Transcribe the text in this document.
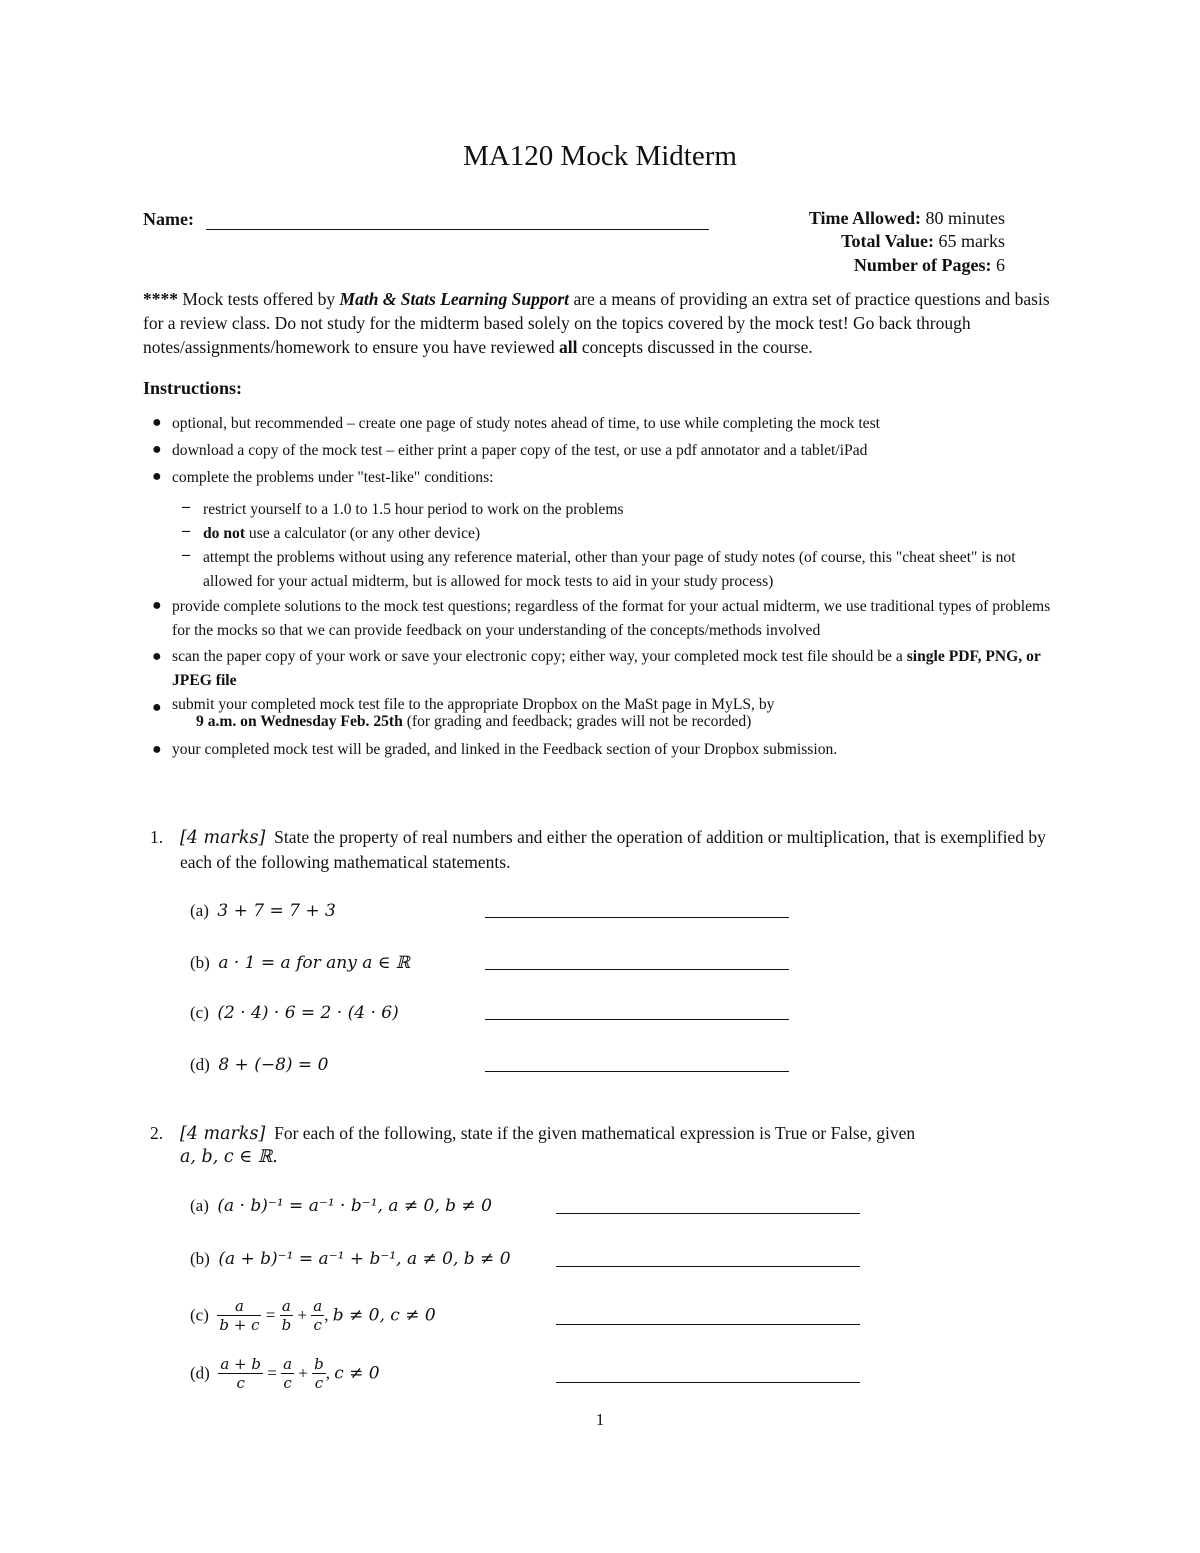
MA120 Mock Midterm
Name:	Time Allowed: 80 minutes
Total Value: 65 marks
Number of Pages: 6
**** Mock tests offered by Math & Stats Learning Support are a means of providing an extra set of practice questions and basis for a review class. Do not study for the midterm based solely on the topics covered by the mock test! Go back through notes/assignments/homework to ensure you have reviewed all concepts discussed in the course.
Instructions:
● optional, but recommended – create one page of study notes ahead of time, to use while completing the mock test
● download a copy of the mock test – either print a paper copy of the test, or use a pdf annotator and a tablet/iPad
● complete the problems under "test-like" conditions:
– restrict yourself to a 1.0 to 1.5 hour period to work on the problems
– do not use a calculator (or any other device)
– attempt the problems without using any reference material, other than your page of study notes (of course, this "cheat sheet" is not allowed for your actual midterm, but is allowed for mock tests to aid in your study process)
● provide complete solutions to the mock test questions; regardless of the format for your actual midterm, we use traditional types of problems for the mocks so that we can provide feedback on your understanding of the concepts/methods involved
● scan the paper copy of your work or save your electronic copy; either way, your completed mock test file should be a single PDF, PNG, or JPEG file
● submit your completed mock test file to the appropriate Dropbox on the MaSt page in MyLS, by
9 a.m. on Wednesday Feb. 25th (for grading and feedback; grades will not be recorded)
● your completed mock test will be graded, and linked in the Feedback section of your Dropbox submission.
1. [4 marks] State the property of real numbers and either the operation of addition or multiplication, that is exemplified by each of the following mathematical statements.
(a) 3 + 7 = 7 + 3
(b) a · 1 = a for any a ∈ ℝ
(c) (2 · 4) · 6 = 2 · (4 · 6)
(d) 8 + (−8) = 0
2. [4 marks] For each of the following, state if the given mathematical expression is True or False, given
a, b, c ∈ ℝ.
(a) (a · b)⁻¹ = a⁻¹ · b⁻¹, a ≠ 0, b ≠ 0
(b) (a + b)⁻¹ = a⁻¹ + b⁻¹, a ≠ 0, b ≠ 0
$(c) \frac{a}{b + c} = \frac{a}{b} + \frac{a}{c}$ , b ≠ 0, c ≠ 0
$(d) \frac{a + b}{c} = \frac{a}{c} + \frac{b}{c}$ , c ≠ 0
1
